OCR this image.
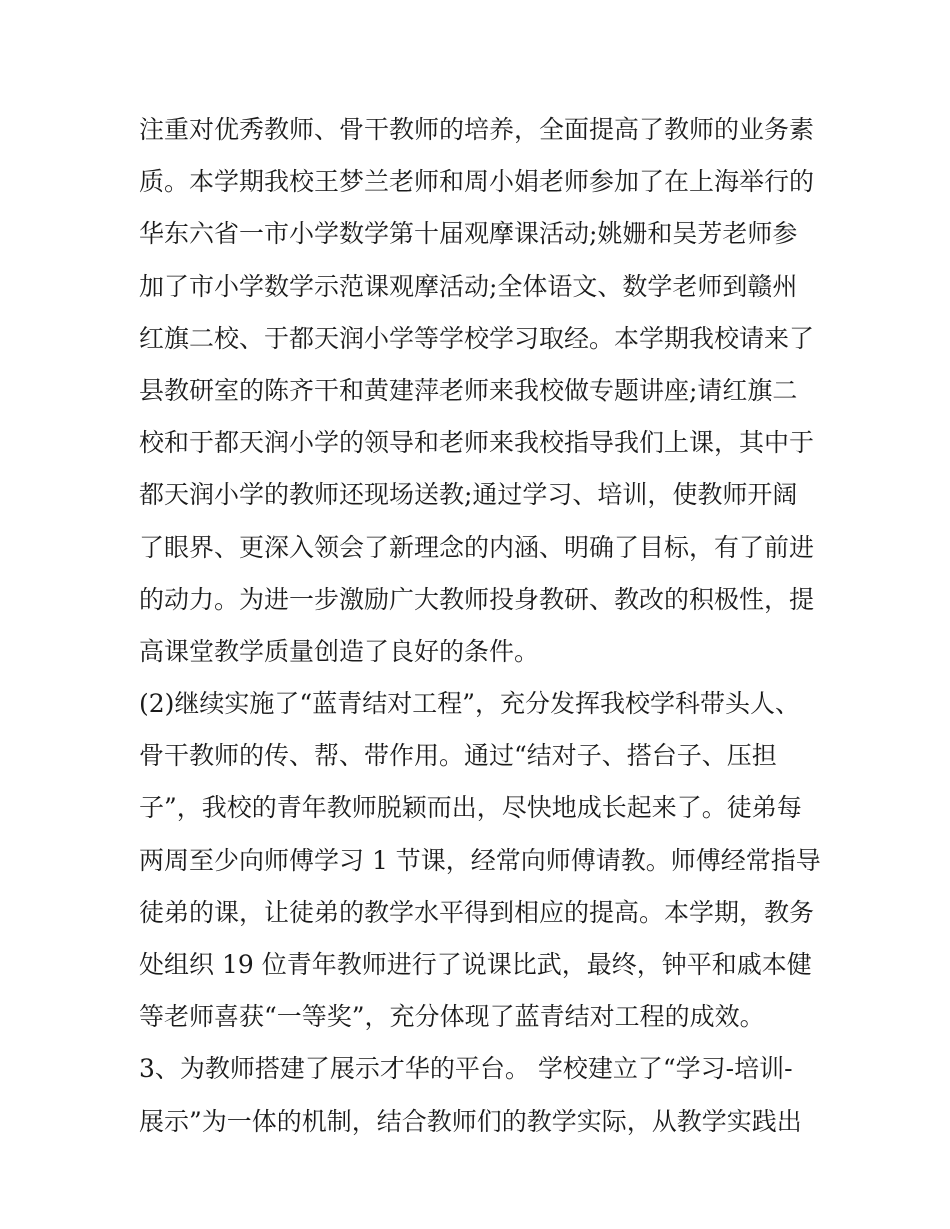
注重对优秀教师、骨干教师的培养，全面提高了教师的业务素
质。本学期我校王梦兰老师和周小娟老师参加了在上海举行的
华东六省一市小学数学第十届观摩课活动;姚姗和吴芳老师参
加了市小学数学示范课观摩活动;全体语文、数学老师到赣州
红旗二校、于都天润小学等学校学习取经。本学期我校请来了
县教研室的陈齐干和黄建萍老师来我校做专题讲座;请红旗二
校和于都天润小学的领导和老师来我校指导我们上课，其中于
都天润小学的教师还现场送教;通过学习、培训，使教师开阔
了眼界、更深入领会了新理念的内涵、明确了目标，有了前进
的动力。为进一步激励广大教师投身教研、教改的积极性，提
高课堂教学质量创造了良好的条件。
(2)继续实施了“蓝青结对工程”，充分发挥我校学科带头人、
骨干教师的传、帮、带作用。通过“结对子、搭台子、压担
子”，我校的青年教师脱颖而出，尽快地成长起来了。徒弟每
两周至少向师傅学习 1 节课，经常向师傅请教。师傅经常指导
徒弟的课，让徒弟的教学水平得到相应的提高。本学期，教务
处组织 19 位青年教师进行了说课比武，最终，钟平和戚本健
等老师喜获“一等奖”，充分体现了蓝青结对工程的成效。
3、为教师搭建了展示才华的平台。 学校建立了“学习-培训-
展示”为一体的机制，结合教师们的教学实际，从教学实践出
